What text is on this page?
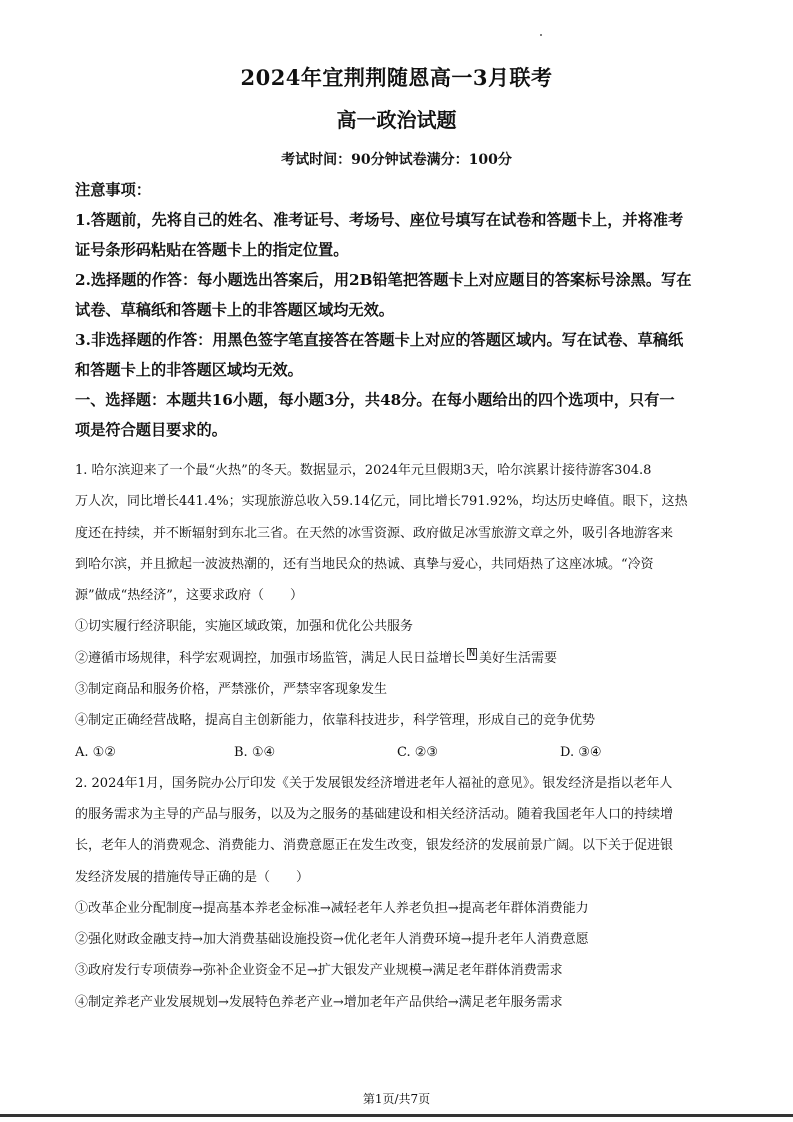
2024年宜荆荆随恩高一3月联考
高一政治试题
考试时间：90分钟试卷满分：100分
注意事项：
1.答题前，先将自己的姓名、准考证号、考场号、座位号填写在试卷和答题卡上，并将准考
证号条形码粘贴在答题卡上的指定位置。
2.选择题的作答：每小题选出答案后，用2B铅笔把答题卡上对应题目的答案标号涂黑。写在
试卷、草稿纸和答题卡上的非答题区域均无效。
3.非选择题的作答：用黑色签字笔直接答在答题卡上对应的答题区域内。写在试卷、草稿纸
和答题卡上的非答题区域均无效。
一、选择题：本题共16小题，每小题3分，共48分。在每小题给出的四个选项中，只有一
项是符合题目要求的。
1. 哈尔滨迎来了一个最“火热”的冬天。数据显示，2024年元旦假期3天，哈尔滨累计接待游客304.8
万人次，同比增长441.4%；实现旅游总收入59.14亿元，同比增长791.92%，均达历史峰值。眼下，这热
度还在持续，并不断辐射到东北三省。在天然的冰雪资源、政府做足冰雪旅游文章之外，吸引各地游客来
到哈尔滨，并且掀起一波波热潮的，还有当地民众的热诚、真挚与爱心，共同焐热了这座冰城。“冷资
源”做成“热经济”，这要求政府（　　）
①切实履行经济职能，实施区域政策，加强和优化公共服务
②遵循市场规律，科学宏观调控，加强市场监管，满足人民日益增长 N 美好生活需要
③制定商品和服务价格，严禁涨价，严禁宰客现象发生
④制定正确经营战略，提高自主创新能力，依靠科技进步，科学管理，形成自己的竞争优势
A. ①②	B. ①④	C. ②③	D. ③④
2. 2024年1月，国务院办公厅印发《关于发展银发经济增进老年人福祉的意见》。银发经济是指以老年人
的服务需求为主导的产品与服务，以及为之服务的基础建设和相关经济活动。随着我国老年人口的持续增
长，老年人的消费观念、消费能力、消费意愿正在发生改变，银发经济的发展前景广阔。以下关于促进银
发经济发展的措施传导正确的是（　　）
①改革企业分配制度→提高基本养老金标准→减轻老年人养老负担→提高老年群体消费能力
②强化财政金融支持→加大消费基础设施投资→优化老年人消费环境→提升老年人消费意愿
③政府发行专项债券→弥补企业资金不足→扩大银发产业规模→满足老年群体消费需求
④制定养老产业发展规划→发展特色养老产业→增加老年产品供给→满足老年服务需求
第1页/共7页
